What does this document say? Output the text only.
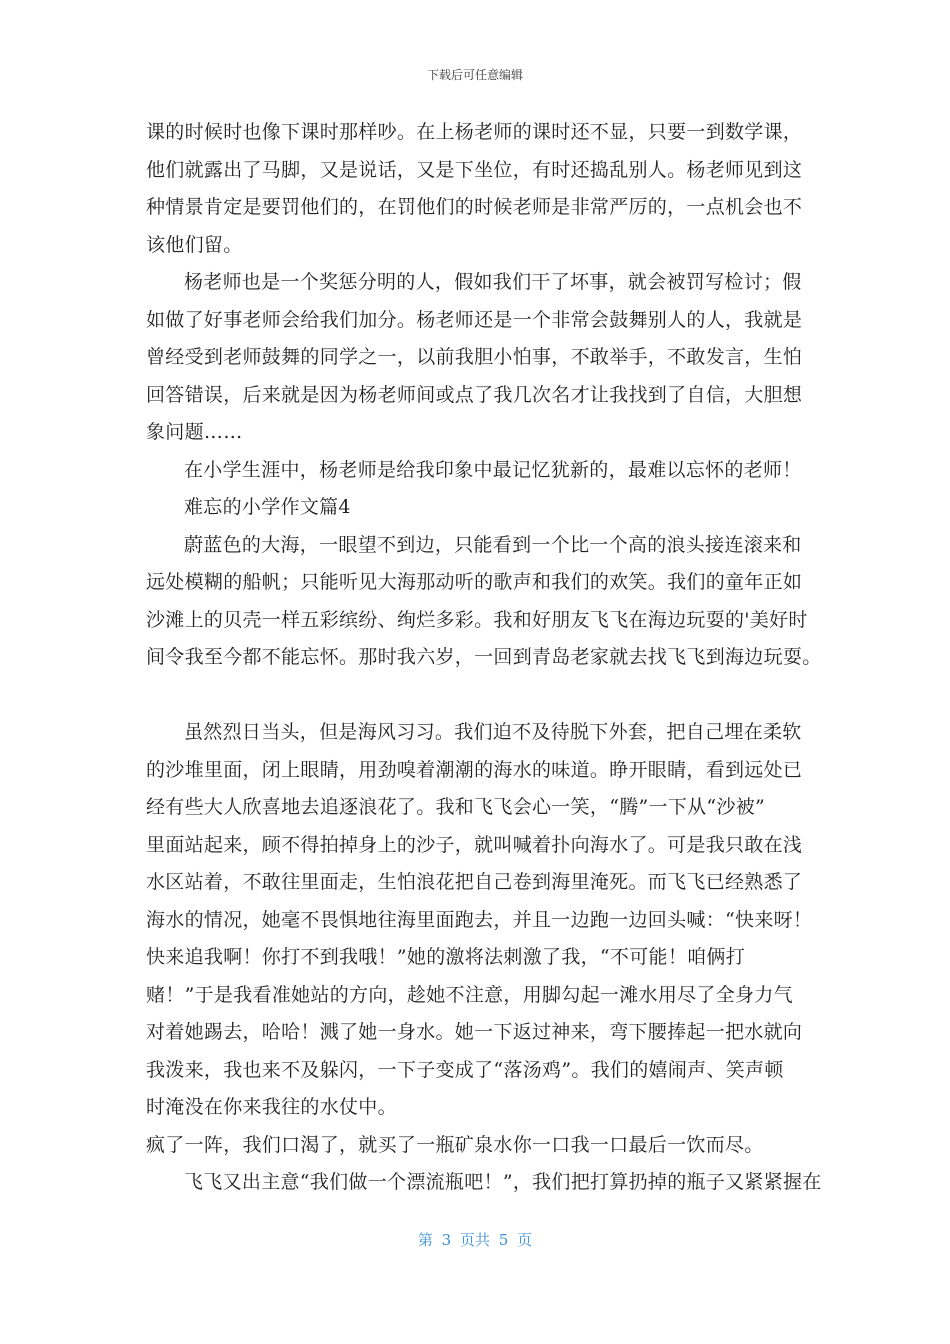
下载后可任意编辑
课的时候时也像下课时那样吵。在上杨老师的课时还不显，只要一到数学课，
他们就露出了马脚，又是说话，又是下坐位，有时还捣乱别人。杨老师见到这
种情景肯定是要罚他们的，在罚他们的时候老师是非常严厉的，一点机会也不
该他们留。
杨老师也是一个奖惩分明的人，假如我们干了坏事，就会被罚写检讨；假
如做了好事老师会给我们加分。杨老师还是一个非常会鼓舞别人的人，我就是
曾经受到老师鼓舞的同学之一，以前我胆小怕事，不敢举手，不敢发言，生怕
回答错误，后来就是因为杨老师间或点了我几次名才让我找到了自信，大胆想
象问题……
在小学生涯中，杨老师是给我印象中最记忆犹新的，最难以忘怀的老师！
难忘的小学作文篇4
蔚蓝色的大海，一眼望不到边，只能看到一个比一个高的浪头接连滚来和
远处模糊的船帆；只能听见大海那动听的歌声和我们的欢笑。我们的童年正如
沙滩上的贝壳一样五彩缤纷、绚烂多彩。我和好朋友飞飞在海边玩耍的'美好时
间令我至今都不能忘怀。那时我六岁，一回到青岛老家就去找飞飞到海边玩耍。
虽然烈日当头，但是海风习习。我们迫不及待脱下外套，把自己埋在柔软
的沙堆里面，闭上眼睛，用劲嗅着潮潮的海水的味道。睁开眼睛，看到远处已
经有些大人欣喜地去追逐浪花了。我和飞飞会心一笑，“腾”一下从“沙被”
里面站起来，顾不得拍掉身上的沙子，就叫喊着扑向海水了。可是我只敢在浅
水区站着，不敢往里面走，生怕浪花把自己卷到海里淹死。而飞飞已经熟悉了
海水的情况，她毫不畏惧地往海里面跑去，并且一边跑一边回头喊：“快来呀！
快来追我啊！你打不到我哦！”她的激将法刺激了我，“不可能！咱俩打
赌！”于是我看准她站的方向，趁她不注意，用脚勾起一滩水用尽了全身力气
对着她踢去，哈哈！溅了她一身水。她一下返过神来，弯下腰捧起一把水就向
我泼来，我也来不及躲闪，一下子变成了“落汤鸡”。我们的嬉闹声、笑声顿
时淹没在你来我往的水仗中。
疯了一阵，我们口渴了，就买了一瓶矿泉水你一口我一口最后一饮而尽。
飞飞又出主意“我们做一个漂流瓶吧！”，我们把打算扔掉的瓶子又紧紧握在
第 3 页共 5 页
